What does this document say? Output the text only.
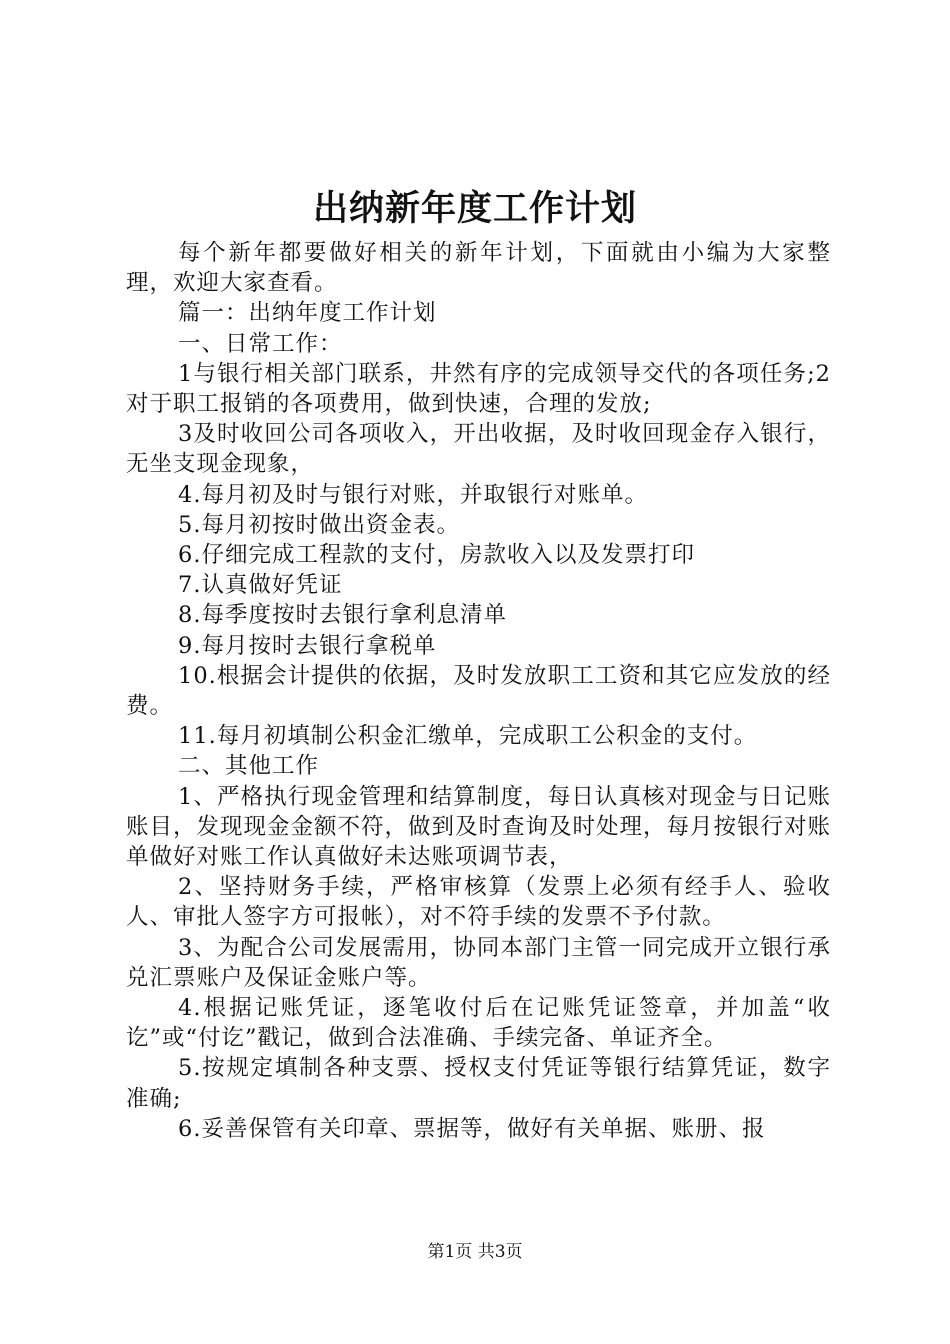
出纳新年度工作计划

每个新年都要做好相关的新年计划，下面就由小编为大家整理，欢迎大家查看。

篇一：出纳年度工作计划

一、日常工作：

1与银行相关部门联系，井然有序的完成领导交代的各项任务;2对于职工报销的各项费用，做到快速，合理的发放;

3及时收回公司各项收入，开出收据，及时收回现金存入银行，无坐支现金现象，

4.每月初及时与银行对账，并取银行对账单。

5.每月初按时做出资金表。

6.仔细完成工程款的支付，房款收入以及发票打印

7.认真做好凭证

8.每季度按时去银行拿利息清单

9.每月按时去银行拿税单

10.根据会计提供的依据，及时发放职工工资和其它应发放的经费。

11.每月初填制公积金汇缴单，完成职工公积金的支付。

二、其他工作

1、严格执行现金管理和结算制度，每日认真核对现金与日记账账目，发现现金金额不符，做到及时查询及时处理，每月按银行对账单做好对账工作认真做好未达账项调节表，

2、坚持财务手续，严格审核算（发票上必须有经手人、验收人、审批人签字方可报帐），对不符手续的发票不予付款。

3、为配合公司发展需用，协同本部门主管一同完成开立银行承兑汇票账户及保证金账户等。

4.根据记账凭证，逐笔收付后在记账凭证签章，并加盖“收讫”或“付讫”戳记，做到合法准确、手续完备、单证齐全。

5.按规定填制各种支票、授权支付凭证等银行结算凭证，数字准确;

6.妥善保管有关印章、票据等，做好有关单据、账册、报

第1页 共3页
